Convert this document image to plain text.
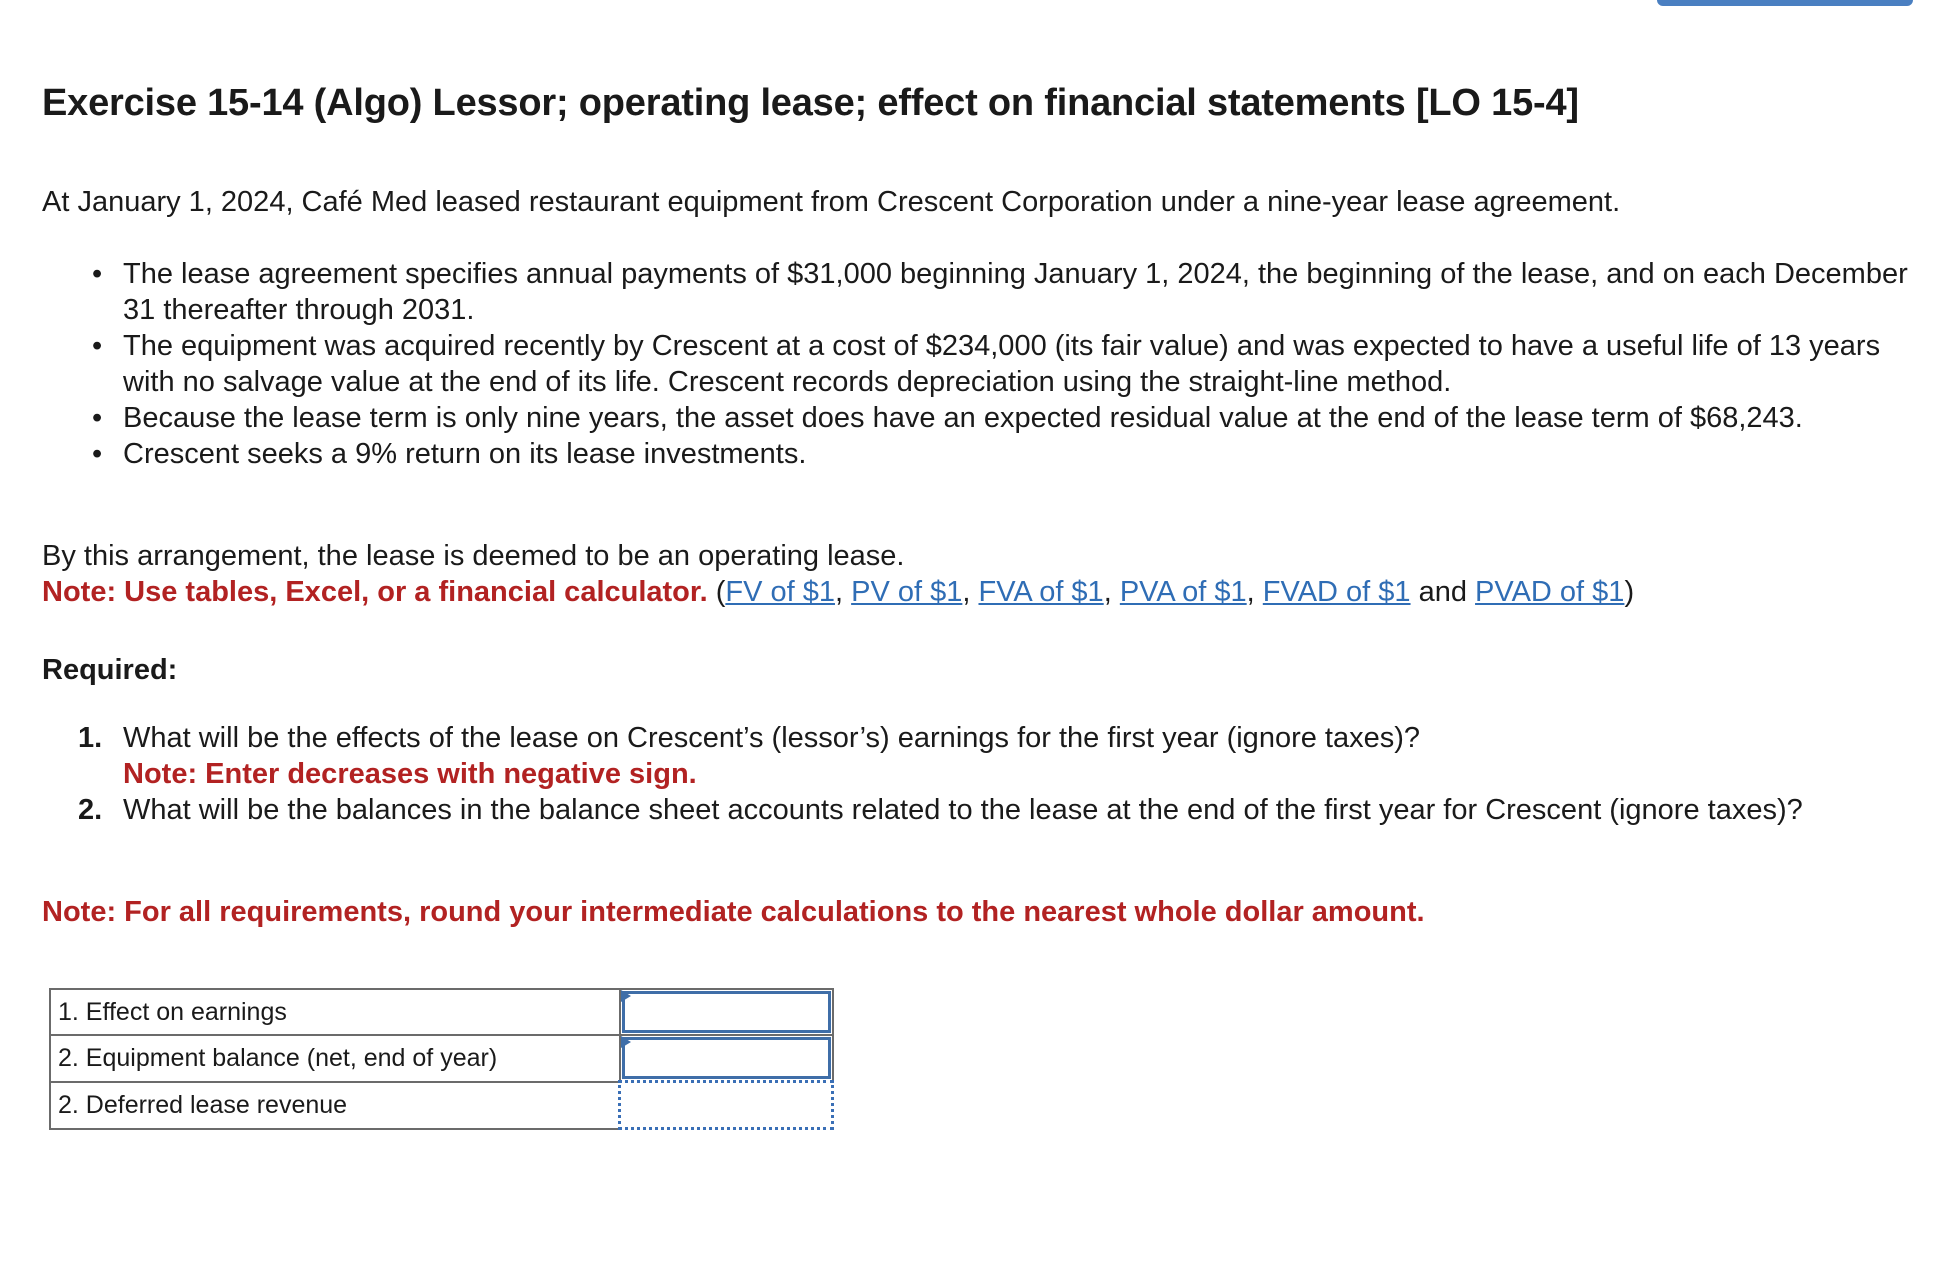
Exercise 15-14 (Algo) Lessor; operating lease; effect on financial statements [LO 15-4]

At January 1, 2024, Café Med leased restaurant equipment from Crescent Corporation under a nine-year lease agreement.

• The lease agreement specifies annual payments of $31,000 beginning January 1, 2024, the beginning of the lease, and on each December 31 thereafter through 2031.
• The equipment was acquired recently by Crescent at a cost of $234,000 (its fair value) and was expected to have a useful life of 13 years with no salvage value at the end of its life. Crescent records depreciation using the straight-line method.
• Because the lease term is only nine years, the asset does have an expected residual value at the end of the lease term of $68,243.
• Crescent seeks a 9% return on its lease investments.

By this arrangement, the lease is deemed to be an operating lease.

Note: Use tables, Excel, or a financial calculator. (FV of $1, PV of $1, FVA of $1, PVA of $1, FVAD of $1 and PVAD of $1)

Required:

1. What will be the effects of the lease on Crescent’s (lessor’s) earnings for the first year (ignore taxes)?
Note: Enter decreases with negative sign.
2. What will be the balances in the balance sheet accounts related to the lease at the end of the first year for Crescent (ignore taxes)?

Note: For all requirements, round your intermediate calculations to the nearest whole dollar amount.

1. Effect on earnings	

2. Equipment balance (net, end of year)	

2. Deferred lease revenue	
